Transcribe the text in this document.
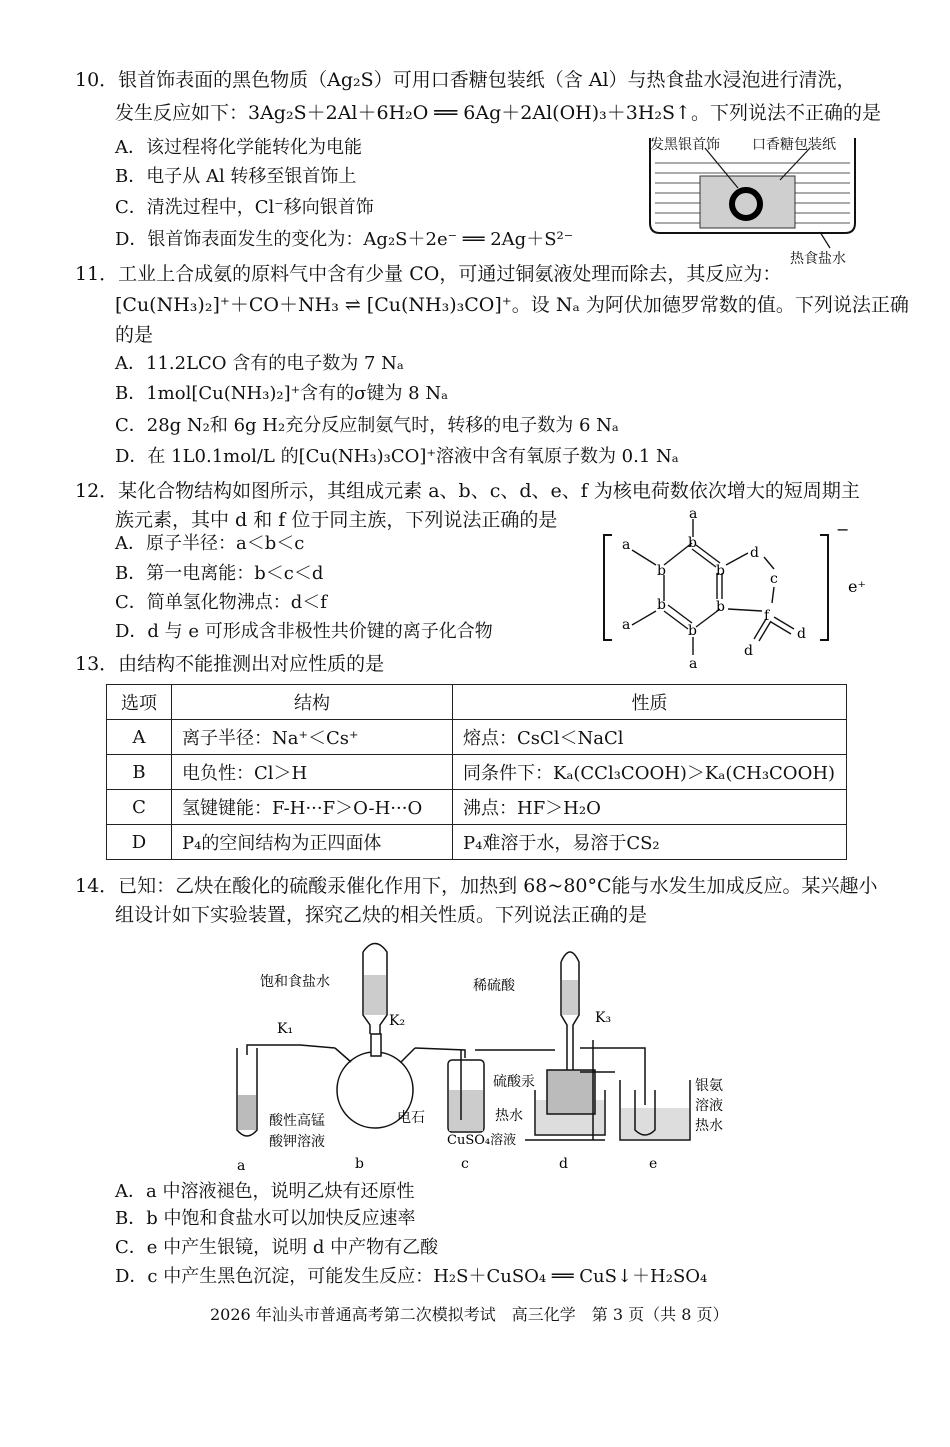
10．银首饰表面的黑色物质（Ag₂S）可用口香糖包装纸（含 Al）与热食盐水浸泡进行清洗，
发生反应如下：3Ag₂S＋2Al＋6H₂O ══ 6Ag＋2Al(OH)₃＋3H₂S↑。下列说法不正确的是
A．该过程将化学能转化为电能
B．电子从 Al 转移至银首饰上
C．清洗过程中，Cl⁻移向银首饰
D．银首饰表面发生的变化为：Ag₂S＋2e⁻ ══ 2Ag＋S²⁻
发黑银首饰 口香糖包装纸
热食盐水
11．工业上合成氨的原料气中含有少量 CO，可通过铜氨液处理而除去，其反应为：
[Cu(NH₃)₂]⁺＋CO＋NH₃ ⇌ [Cu(NH₃)₃CO]⁺。设 Nₐ 为阿伏加德罗常数的值。下列说法正确
的是
A．11.2LCO 含有的电子数为 7 Nₐ
B．1mol[Cu(NH₃)₂]⁺含有的σ键为 8 Nₐ
C．28g N₂和 6g H₂充分反应制氨气时，转移的电子数为 6 Nₐ
D．在 1L0.1mol/L 的[Cu(NH₃)₃CO]⁺溶液中含有氧原子数为 0.1 Nₐ
12．某化合物结构如图所示，其组成元素 a、b、c、d、e、f 为核电荷数依次增大的短周期主
族元素，其中 d 和 f 位于同主族，下列说法正确的是
A．原子半径：a＜b＜c
B．第一电离能：b＜c＜d
C．简单氢化物沸点：d＜f
D．d 与 e 可形成含非极性共价键的离子化合物
a
a
a
a
b
b	b
b	b
b
d
c
f
d
d
−
e⁺
13．由结构不能推测出对应性质的是
选项	结构	性质
A	离子半径：Na⁺＜Cs⁺	熔点：CsCl＜NaCl
B	电负性：Cl＞H	同条件下：Kₐ(CCl₃COOH)＞Kₐ(CH₃COOH)
C	氢键键能：F-H···F＞O-H···O	沸点：HF＞H₂O
D	P₄的空间结构为正四面体	P₄难溶于水，易溶于CS₂
14．已知：乙炔在酸化的硫酸汞催化作用下，加热到 68~80°C能与水发生加成反应。某兴趣小
组设计如下实验装置，探究乙炔的相关性质。下列说法正确的是
饱和食盐水
K₁	K₂
稀硫酸
K₃
酸性高锰
酸钾溶液
电石
CuSO₄溶液
硫酸汞
热水
银氨
溶液
热水
a	b	c	d	e
A．a 中溶液褪色，说明乙炔有还原性
B．b 中饱和食盐水可以加快反应速率
C．e 中产生银镜，说明 d 中产物有乙酸
D．c 中产生黑色沉淀，可能发生反应：H₂S＋CuSO₄ ══ CuS↓＋H₂SO₄
2026 年汕头市普通高考第二次模拟考试　高三化学　第 3 页（共 8 页）
